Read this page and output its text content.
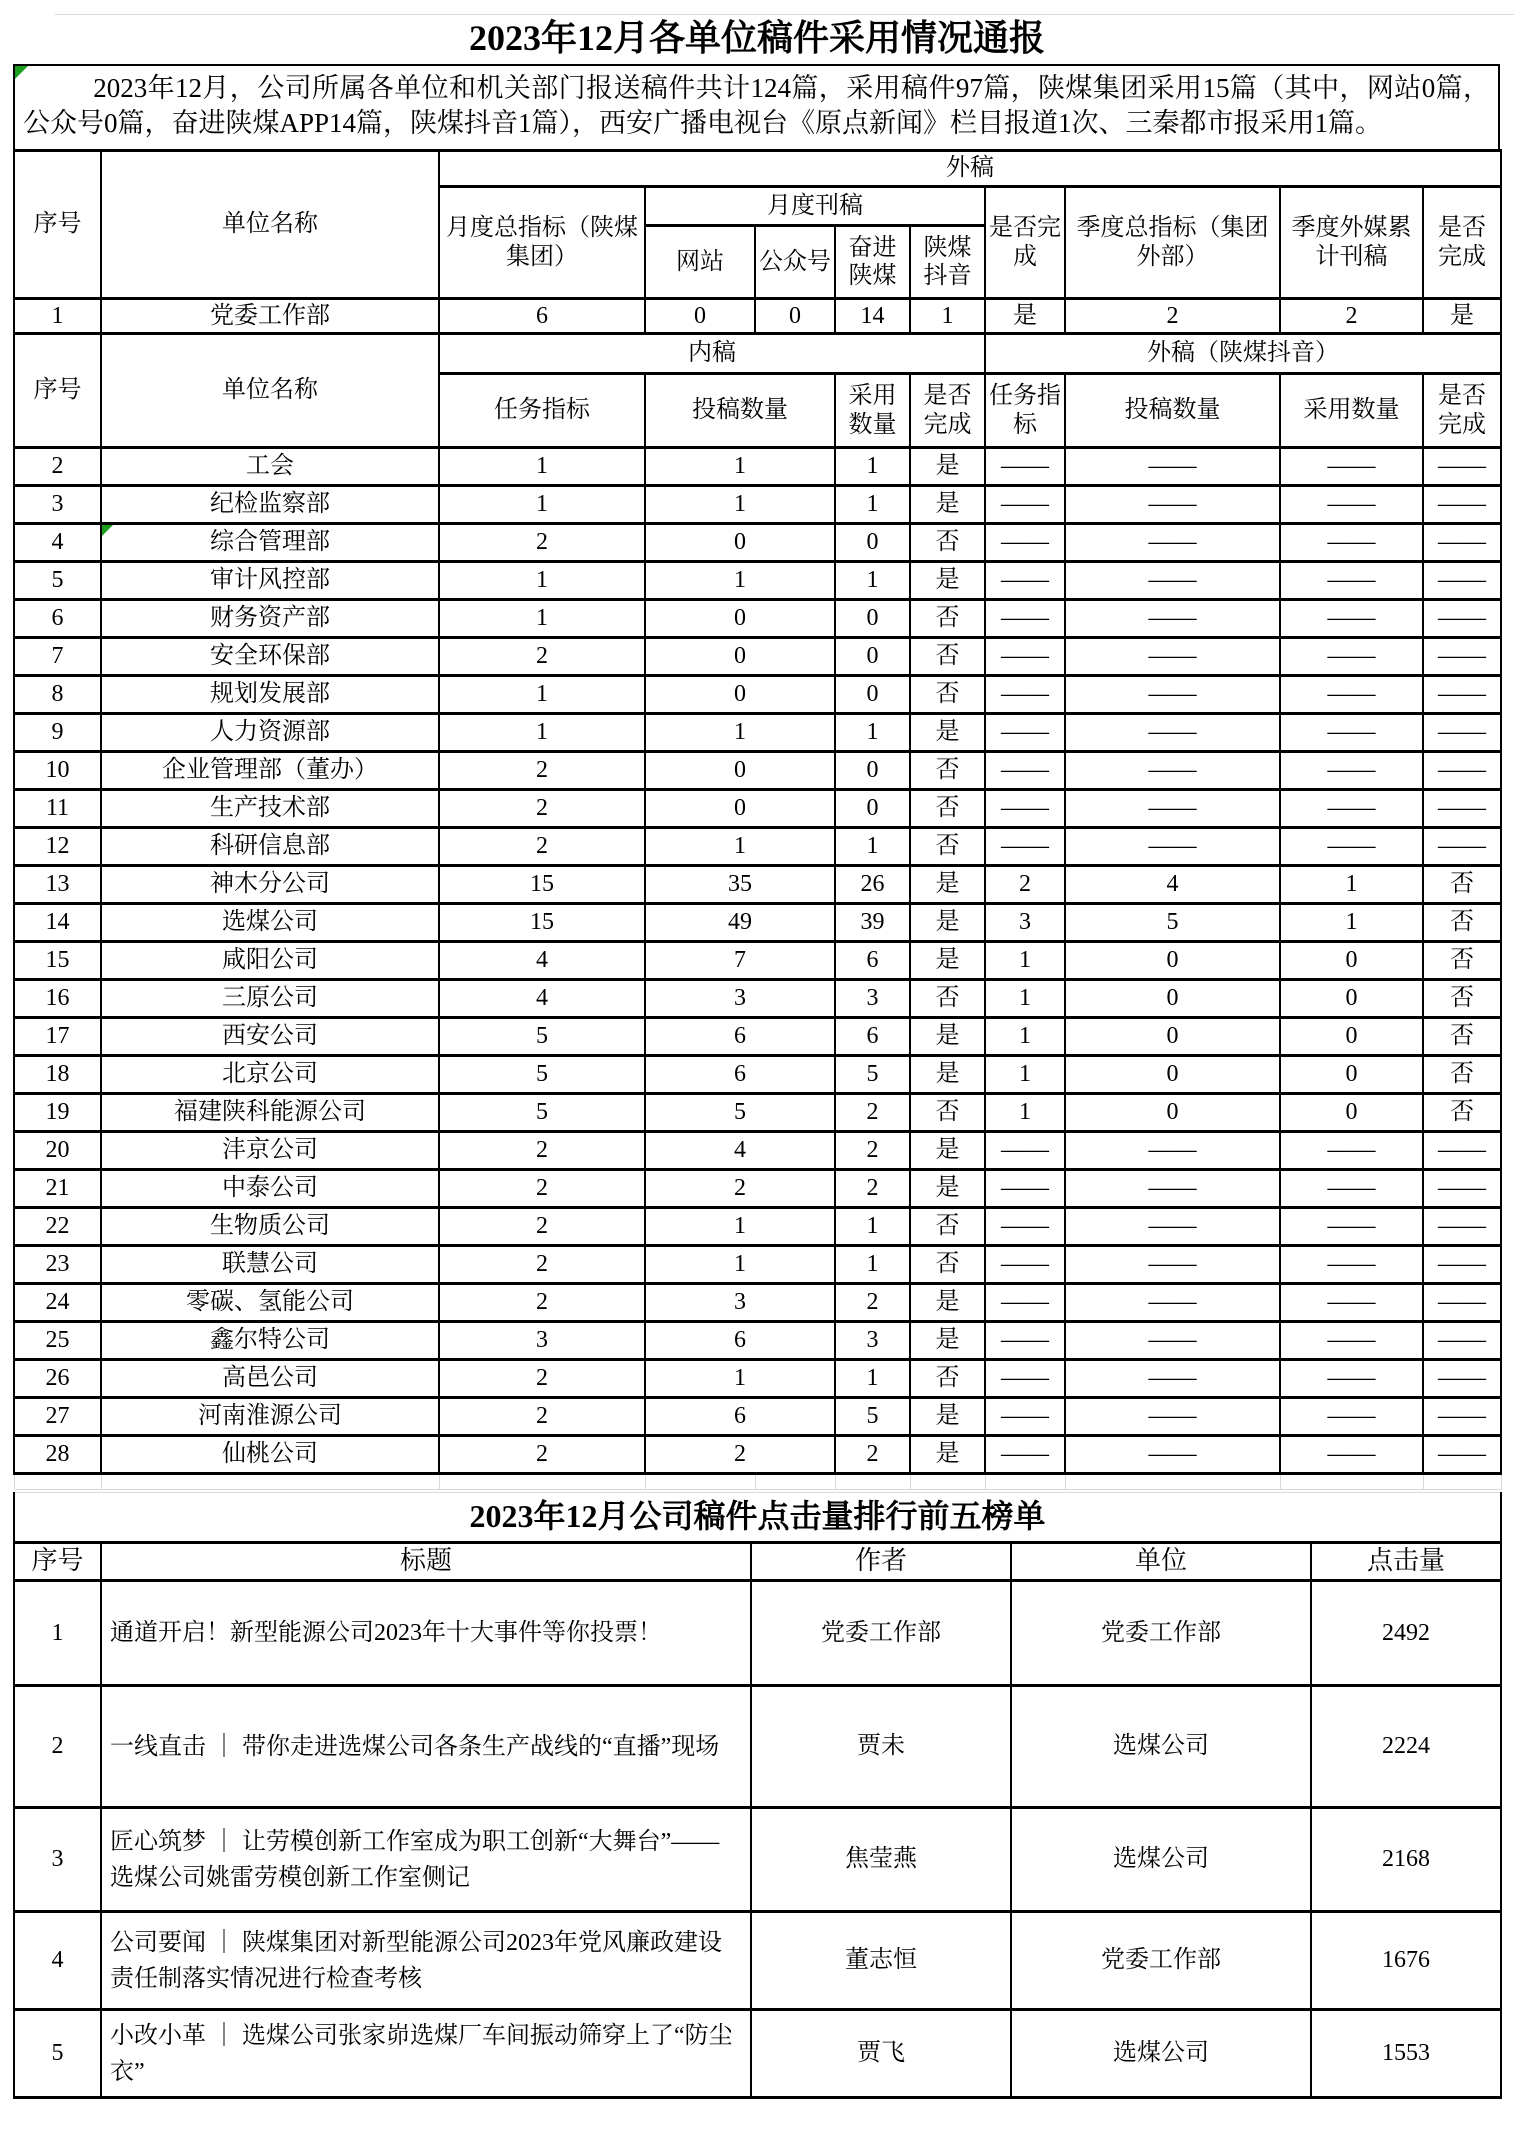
2023年12月各单位稿件采用情况通报

2023年12月，公司所属各单位和机关部门报送稿件共计124篇，采用稿件97篇，陕煤集团采用15篇（其中，网站0篇，公众号0篇，奋进陕煤APP14篇，陕煤抖音1篇），西安广播电视台《原点新闻》栏目报道1次、三秦都市报采用1篇。

序号	单位名称	外稿								
		月度总指标（陕煤集团）	月度刊稿				是否完成	季度总指标（集团外部）	季度外媒累计刊稿	是否完成
			网站	公众号	奋进陕煤	陕煤抖音				
1	党委工作部	6	0	0	14	1	是	2	2	是
序号	单位名称	内稿					外稿（陕煤抖音）			
		任务指标	投稿数量		采用数量	是否完成	任务指标	投稿数量	采用数量	是否完成
2	工会	1	1		1	是	——	——	——	——
3	纪检监察部	1	1		1	是	——	——	——	——
4	综合管理部	2	0		0	否	——	——	——	——
5	审计风控部	1	1		1	是	——	——	——	——
6	财务资产部	1	0		0	否	——	——	——	——
7	安全环保部	2	0		0	否	——	——	——	——
8	规划发展部	1	0		0	否	——	——	——	——
9	人力资源部	1	1		1	是	——	——	——	——
10	企业管理部（董办）	2	0		0	否	——	——	——	——
11	生产技术部	2	0		0	否	——	——	——	——
12	科研信息部	2	1		1	否	——	——	——	——
13	神木分公司	15	35		26	是	2	4	1	否
14	选煤公司	15	49		39	是	3	5	1	否
15	咸阳公司	4	7		6	是	1	0	0	否
16	三原公司	4	3		3	否	1	0	0	否
17	西安公司	5	6		6	是	1	0	0	否
18	北京公司	5	6		5	是	1	0	0	否
19	福建陕科能源公司	5	5		2	否	1	0	0	否
20	沣京公司	2	4		2	是	——	——	——	——
21	中泰公司	2	2		2	是	——	——	——	——
22	生物质公司	2	1		1	否	——	——	——	——
23	联慧公司	2	1		1	否	——	——	——	——
24	零碳、氢能公司	2	3		2	是	——	——	——	——
25	鑫尔特公司	3	6		3	是	——	——	——	——
26	高邑公司	2	1		1	否	——	——	——	——
27	河南淮源公司	2	6		5	是	——	——	——	——
28	仙桃公司	2	2		2	是	——	——	——	——

2023年12月公司稿件点击量排行前五榜单				
序号	标题	作者	单位	点击量
1	通道开启！新型能源公司2023年十大事件等你投票！	党委工作部	党委工作部	2492
2	一线直击 ｜ 带你走进选煤公司各条生产战线的“直播”现场	贾未	选煤公司	2224
3	匠心筑梦 ｜ 让劳模创新工作室成为职工创新“大舞台”——选煤公司姚雷劳模创新工作室侧记	焦莹燕	选煤公司	2168
4	公司要闻 ｜ 陕煤集团对新型能源公司2023年党风廉政建设责任制落实情况进行检查考核	董志恒	党委工作部	1676
5	小改小革 ｜ 选煤公司张家峁选煤厂车间振动筛穿上了“防尘衣”	贾飞	选煤公司	1553
